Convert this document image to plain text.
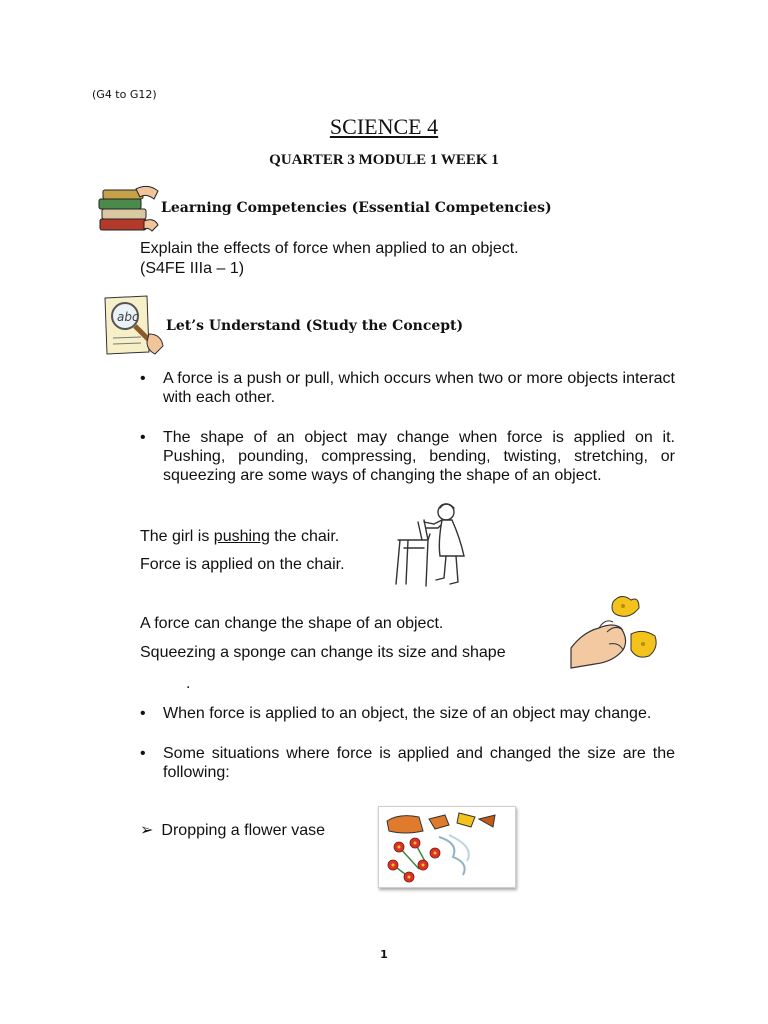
(G4 to G12)
SCIENCE 4
QUARTER 3 MODULE 1 WEEK 1
Learning Competencies (Essential Competencies)
Explain the effects of force when applied to an object.
(S4FE IIIa – 1)
abc
Let’s Understand (Study the Concept)
• A force is a push or pull, which occurs when two or more objects interact with each other.
• The shape of an object may change when force is applied on it. Pushing, pounding, compressing, bending, twisting, stretching, or squeezing are some ways of changing the shape of an object.
The girl is pushing the chair.
Force is applied on the chair.
A force can change the shape of an object.
Squeezing a sponge can change its size and shape
.
• When force is applied to an object, the size of an object may change.
• Some situations where force is applied and changed the size are the following:
➢ Dropping a flower vase
1
